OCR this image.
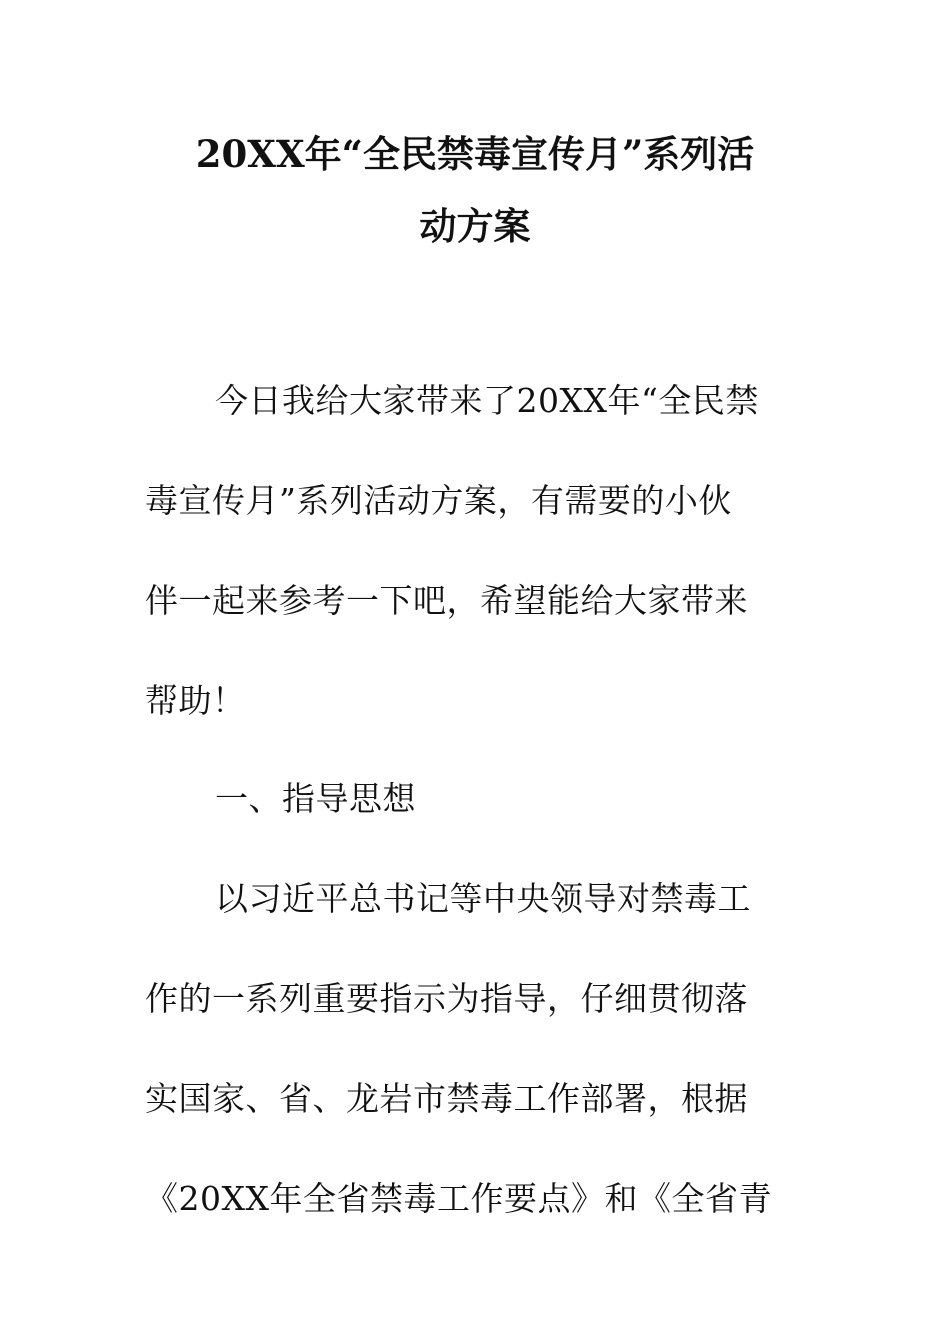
20XX年“全民禁毒宣传月”系列活
动方案
今日我给大家带来了20XX年“全民禁
毒宣传月”系列活动方案，有需要的小伙
伴一起来参考一下吧，希望能给大家带来
帮助！
一、指导思想
以习近平总书记等中央领导对禁毒工
作的一系列重要指示为指导，仔细贯彻落
实国家、省、龙岩市禁毒工作部署，根据
《20XX年全省禁毒工作要点》和《全省青
